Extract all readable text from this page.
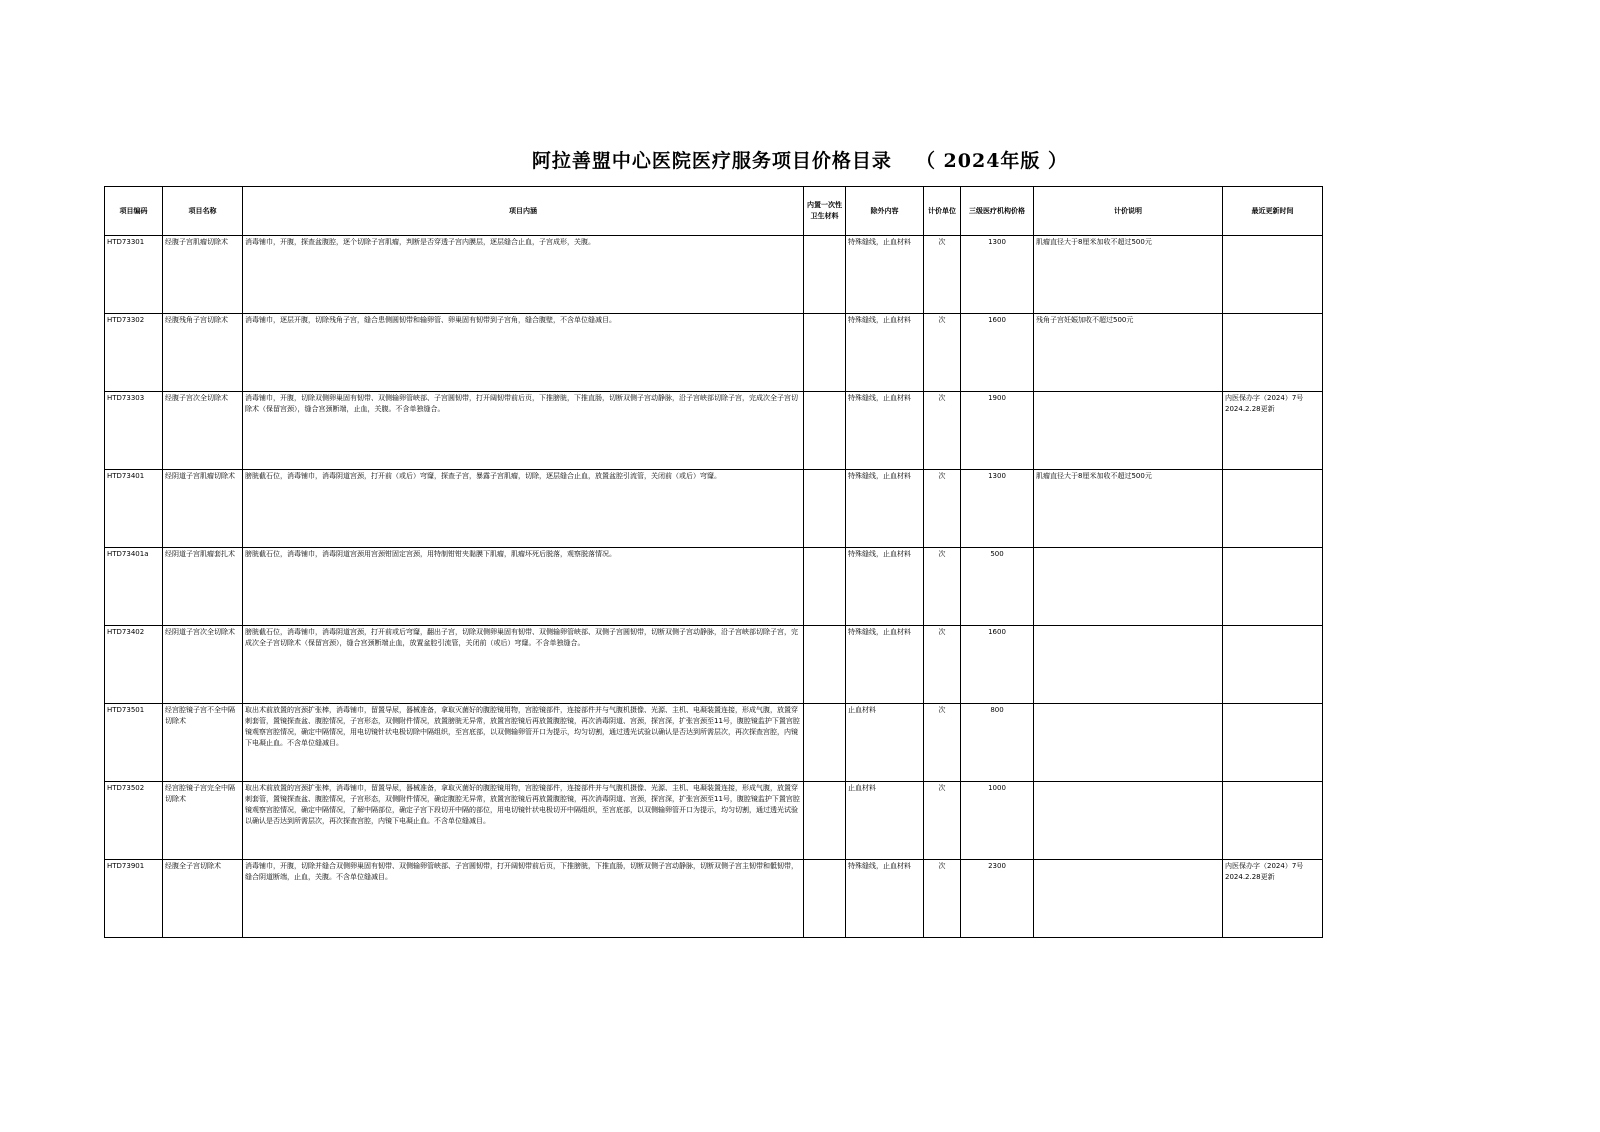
阿拉善盟中心医院医疗服务项目价格目录 （ 2024年版 ）
项目编码	项目名称	项目内涵	内置一次性卫生材料	除外内容	计价单位	三级医疗机构价格	计价说明	最近更新时间
HTD73301	经腹子宫肌瘤切除术	消毒铺巾，开腹，探查盆腹腔，逐个切除子宫肌瘤，判断是否穿透子宫内膜层，逐层缝合止血，子宫成形，关腹。		特殊缝线，止血材料	次	1300	肌瘤直径大于8厘米加收不超过500元	
HTD73302	经腹残角子宫切除术	消毒铺巾，逐层开腹，切除残角子宫，缝合患侧圆韧带和输卵管、卵巢固有韧带到子宫角，缝合腹壁，不含单位缝减目。		特殊缝线，止血材料	次	1600	残角子宫妊娠加收不超过500元	
HTD73303	经腹子宫次全切除术	消毒铺巾，开腹，切除双侧卵巢固有韧带、双侧输卵管峡部、子宫圆韧带，打开阔韧带前后页，下推膀胱，下推直肠，切断双侧子宫动静脉，沿子宫峡部切除子宫，完成次全子宫切除术（保留宫颈），缝合宫颈断端，止血，关腹。不含单独缝合。		特殊缝线，止血材料	次	1900		内医保办字（2024）7号 2024.2.28更新
HTD73401	经阴道子宫肌瘤切除术	膀胱截石位，消毒铺巾，消毒阴道宫颈，打开前（或后）穹窿，探查子宫，暴露子宫肌瘤，切除，逐层缝合止血，放置盆腔引流管，关闭前（或后）穹窿。		特殊缝线，止血材料	次	1300	肌瘤直径大于8厘米加收不超过500元	
HTD73401a	经阴道子宫肌瘤套扎术	膀胱截石位，消毒铺巾，消毒阴道宫颈用宫颈钳固定宫颈，用特制钳钳夹黏膜下肌瘤，肌瘤坏死后脱落，观察脱落情况。		特殊缝线，止血材料	次	500		
HTD73402	经阴道子宫次全切除术	膀胱截石位，消毒铺巾，消毒阴道宫颈，打开前或后穹窿，翻出子宫，切除双侧卵巢固有韧带、双侧输卵管峡部、双侧子宫圆韧带，切断双侧子宫动静脉，沿子宫峡部切除子宫，完成次全子宫切除术（保留宫颈），缝合宫颈断端止血，放置盆腔引流管，关闭前（或后）穹窿。不含单独缝合。		特殊缝线，止血材料	次	1600		
HTD73501	经宫腔镜子宫不全中隔切除术	取出术前放置的宫颈扩张棒，消毒铺巾，留置导尿，器械准备，拿取灭菌好的腹腔镜用物，宫腔镜部件，连接部件并与气腹机摄像、光源、主机、电凝装置连接，形成气腹，放置穿刺套管，置镜探查盆、腹腔情况，子宫形态，双侧附件情况，放置膀胱无异常，放置宫腔镜后再放置腹腔镜，再次消毒阴道、宫颈，探宫深，扩张宫颈至11号，腹腔镜监护下置宫腔镜观察宫腔情况，确定中隔情况，用电切镜针状电极切除中隔组织，至宫底部，以双侧输卵管开口为提示，均匀切割，通过透光试验以确认是否达到所需层次，再次探查宫腔，内镜下电凝止血。不含单位缝减目。		止血材料	次	800		
HTD73502	经宫腔镜子宫完全中隔切除术	取出术前放置的宫颈扩张棒，消毒铺巾，留置导尿，器械准备，拿取灭菌好的腹腔镜用物，宫腔镜部件，连接部件并与气腹机摄像、光源、主机、电凝装置连接，形成气腹，放置穿刺套管，置镜探查盆、腹腔情况，子宫形态，双侧附件情况，确定腹腔无异常，放置宫腔镜后再放置腹腔镜，再次消毒阴道、宫颈，探宫深，扩张宫颈至11号，腹腔镜监护下置宫腔镜观察宫腔情况，确定中隔情况，了解中隔部位，确定子宫下段切开中隔的部位，用电切镜针状电极切开中隔组织，至宫底部，以双侧输卵管开口为提示，均匀切割，通过透光试验以确认是否达到所需层次，再次探查宫腔，内镜下电凝止血。不含单位缝减目。		止血材料	次	1000		
HTD73901	经腹全子宫切除术	消毒铺巾，开腹，切除并缝合双侧卵巢固有韧带、双侧输卵管峡部、子宫圆韧带，打开阔韧带前后页，下推膀胱，下推直肠，切断双侧子宫动静脉，切断双侧子宫主韧带和骶韧带，缝合阴道断端，止血，关腹。不含单位缝减目。		特殊缝线，止血材料	次	2300		内医保办字（2024）7号 2024.2.28更新
